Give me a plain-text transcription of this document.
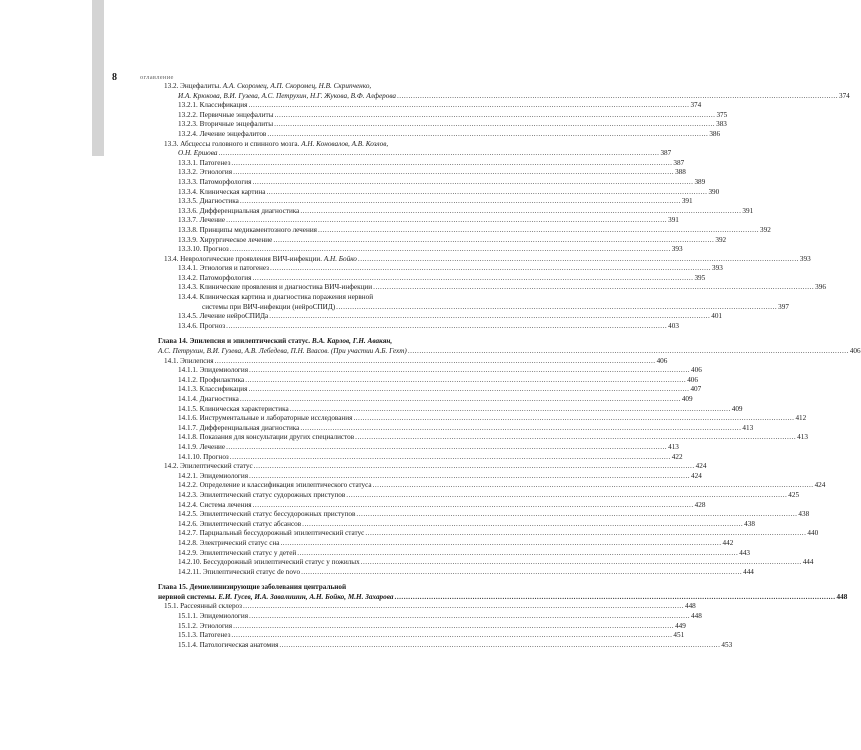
8	оглавление
13.2. Энцефалиты. А.А. Скоромец, А.П. Скоромец, Н.В. Скрипченко,
И.А. Крюкова, В.И. Гузева, А.С. Петрухин, Н.Г. Жукова, В.Ф. Алферова .....	374
13.2.1. Классификация .....	374
13.2.2. Первичные энцефалиты .....	375
13.2.3. Вторичные энцефалиты .....	383
13.2.4. Лечение энцефалитов .....	386
13.3. Абсцессы головного и спинного мозга. А.Н. Коновалов, А.В. Козлов,
О.Н. Ершова .....	387
13.3.1. Патогенез .....	387
13.3.2. Этиология .....	388
13.3.3. Патоморфология .....	389
13.3.4. Клиническая картина .....	390
13.3.5. Диагностика .....	391
13.3.6. Дифференциальная диагностика .....	391
13.3.7. Лечение .....	391
13.3.8. Принципы медикаментозного лечения .....	392
13.3.9. Хирургическое лечение .....	392
13.3.10. Прогноз .....	393
13.4. Неврологические проявления ВИЧ-инфекции. А.Н. Бойко .....	393
13.4.1. Этиология и патогенез .....	393
13.4.2. Патоморфология .....	395
13.4.3. Клинические проявления и диагностика ВИЧ-инфекции .....	396
13.4.4. Клиническая картина и диагностика поражения нервной
системы при ВИЧ-инфекции (нейроСПИД) .....	397
13.4.5. Лечение нейроСПИДа .....	401
13.4.6. Прогноз .....	403
Глава 14. Эпилепсия и эпилептический статус. В.А. Карлов, Г.Н. Авакян,
А.С. Петрухин, В.И. Гузева, А.В. Лебедева, П.Н. Власов. (При участии А.Б. Гехт) .....	406
14.1. Эпилепсия .....	406
14.1.1. Эпидемиология .....	406
14.1.2. Профилактика .....	406
14.1.3. Классификация .....	407
14.1.4. Диагностика .....	409
14.1.5. Клиническая характеристика .....	409
14.1.6. Инструментальные и лабораторные исследования .....	412
14.1.7. Дифференциальная диагностика .....	413
14.1.8. Показания для консультации других специалистов .....	413
14.1.9. Лечение .....	413
14.1.10. Прогноз .....	422
14.2. Эпилептический статус .....	424
14.2.1. Эпидемиология .....	424
14.2.2. Определение и классификация эпилептического статуса .....	424
14.2.3. Эпилептический статус судорожных приступов .....	425
14.2.4. Система лечения .....	428
14.2.5. Эпилептический статус бессудорожных приступов .....	438
14.2.6. Эпилептический статус абсансов .....	438
14.2.7. Парциальный бессудорожный эпилептический статус .....	440
14.2.8. Электрический статус сна .....	442
14.2.9. Эпилептический статус у детей .....	443
14.2.10. Бессудорожный эпилептический статус у пожилых .....	444
14.2.11. Эпилептический статус de novo .....	444
Глава 15. Демиелинизирующие заболевания центральной
нервной системы. Е.И. Гусев, И.А. Завалишин, А.Н. Бойко, М.Н. Захарова .....	448
15.1. Рассеянный склероз .....	448
15.1.1. Эпидемиология .....	448
15.1.2. Этиология .....	449
15.1.3. Патогенез .....	451
15.1.4. Патологическая анатомия .....	453
